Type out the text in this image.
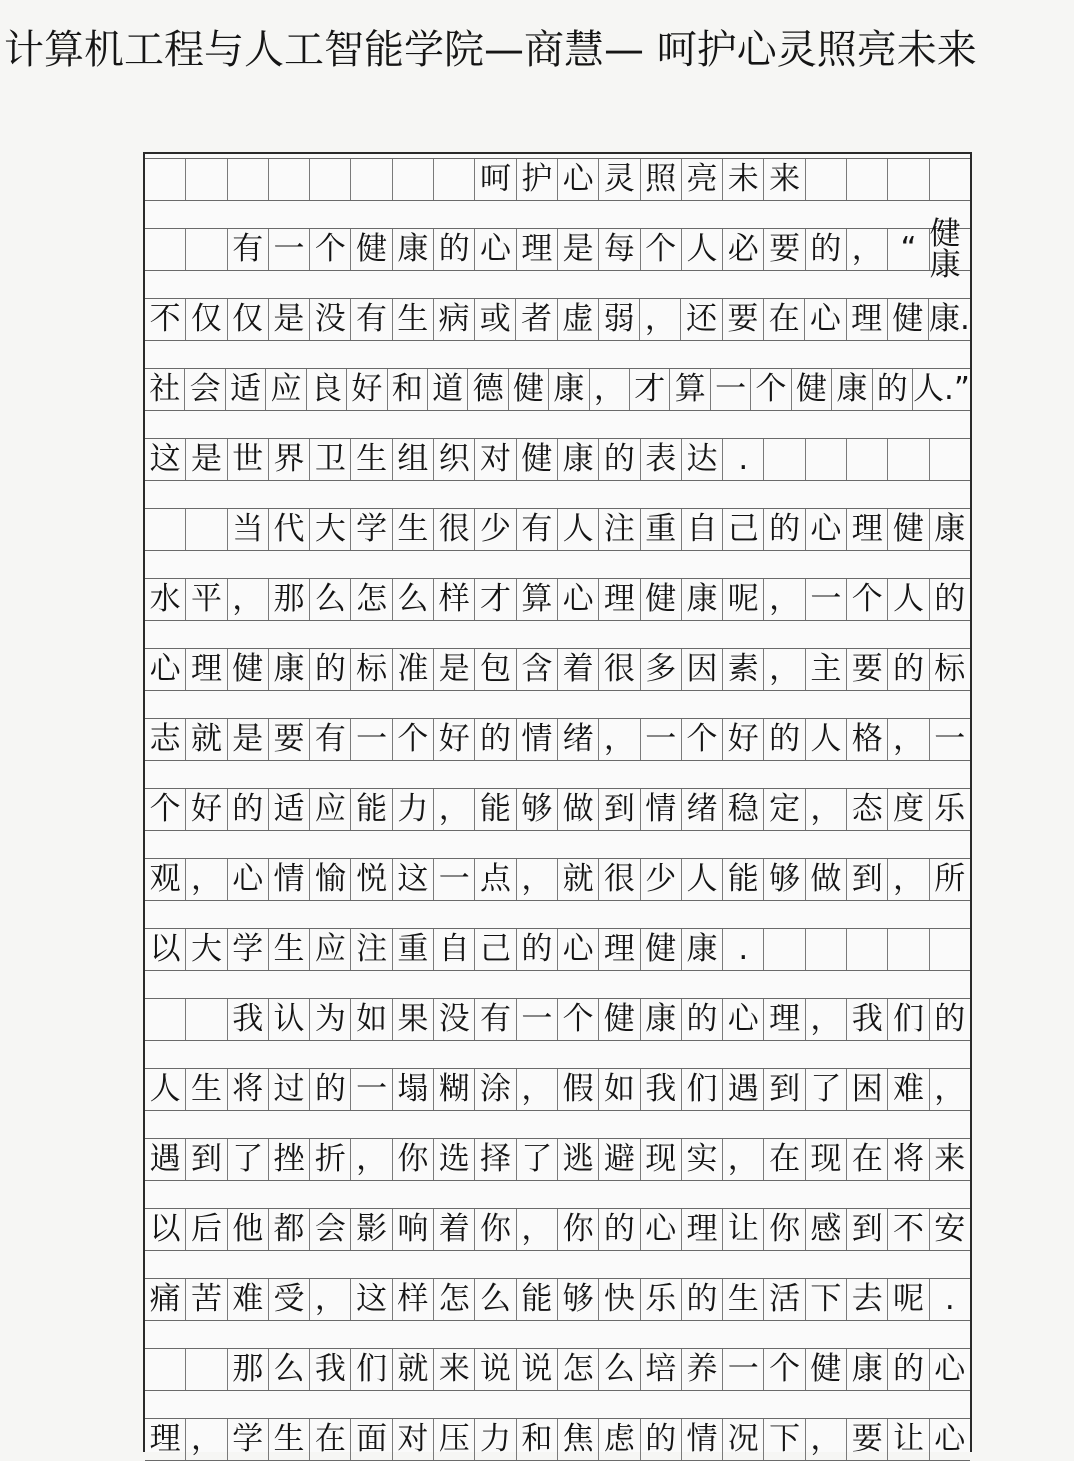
计算机工程与人工智能学院—商慧— 呵护心灵照亮未来
呵 护 心 灵 照 亮 未 来
有 一 个 健 康 的 心 理 是 每 个 人 必 要 的 ， “ 健康
不 仅 仅 是 没 有 生 病 或 者 虚 弱 ， 还 要 在 心 理 健 康.
社 会 适 应 良 好 和 道 德 健 康 ， 才 算 一 个 健 康 的 人.”
这 是 世 界 卫 生 组 织 对 健 康 的 表 达 .
当 代 大 学 生 很 少 有 人 注 重 自 己 的 心 理 健 康
水 平 ， 那 么 怎 么 样 才 算 心 理 健 康 呢 ， 一 个 人 的
心 理 健 康 的 标 准 是 包 含 着 很 多 因 素 ， 主 要 的 标
志 就 是 要 有 一 个 好 的 情 绪 ， 一 个 好 的 人 格 ， 一
个 好 的 适 应 能 力 ， 能 够 做 到 情 绪 稳 定 ， 态 度 乐
观 ， 心 情 愉 悦 这 一 点 ， 就 很 少 人 能 够 做 到 ， 所
以 大 学 生 应 注 重 自 己 的 心 理 健 康 .
我 认 为 如 果 没 有 一 个 健 康 的 心 理 ， 我 们 的
人 生 将 过 的 一 塌 糊 涂 ， 假 如 我 们 遇 到 了 困 难 ，
遇 到 了 挫 折 ， 你 选 择 了 逃 避 现 实 ， 在 现 在 将 来
以 后 他 都 会 影 响 着 你 ， 你 的 心 理 让 你 感 到 不 安
痛 苦 难 受 ， 这 样 怎 么 能 够 快 乐 的 生 活 下 去 呢 .
那 么 我 们 就 来 说 说 怎 么 培 养 一 个 健 康 的 心
理 ， 学 生 在 面 对 压 力 和 焦 虑 的 情 况 下 ， 要 让 心
